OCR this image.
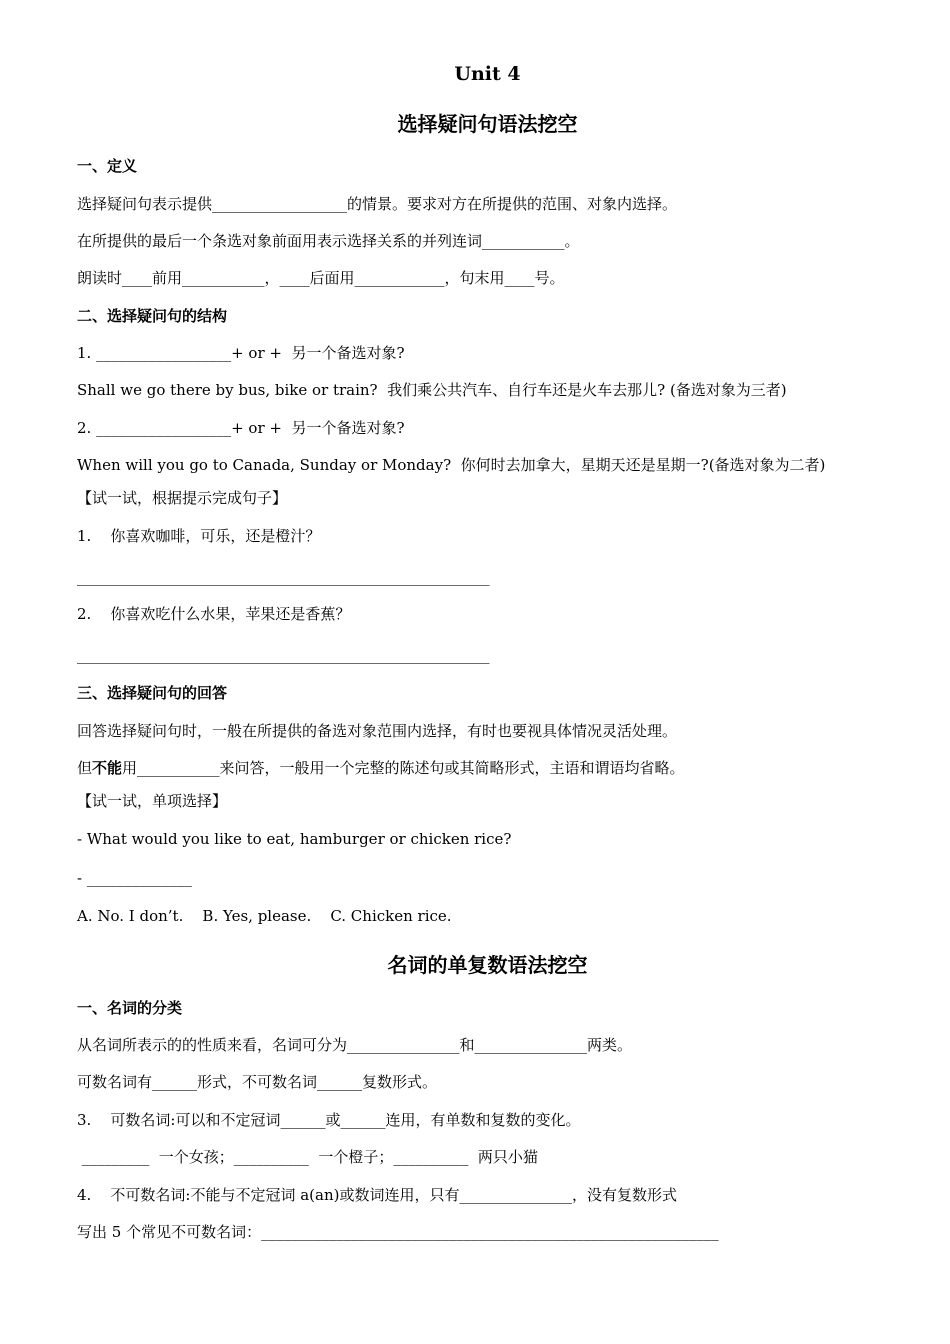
Unit 4
选择疑问句语法挖空
一、定义
选择疑问句表示提供__________________的情景。要求对方在所提供的范围、对象内选择。
在所提供的最后一个条选对象前面用表示选择关系的并列连词___________。
朗读时____前用___________，____后面用____________，句末用____号。
二、选择疑问句的结构
1. __________________+ or +  另一个备选对象?
Shall we go there by bus, bike or train?  我们乘公共汽车、自行车还是火车去那儿? (备选对象为三者)
2. __________________+ or +  另一个备选对象?
When will you go to Canada, Sunday or Monday?  你何时去加拿大，星期天还是星期一?(备选对象为二者)
【试一试，根据提示完成句子】
1.    你喜欢咖啡，可乐，还是橙汁？
_______________________________________________________
2.    你喜欢吃什么水果，苹果还是香蕉？
_______________________________________________________
三、选择疑问句的回答
回答选择疑问句时，一般在所提供的备选对象范围内选择，有时也要视具体情况灵活处理。
但不能用___________来问答，一般用一个完整的陈述句或其简略形式，主语和谓语均省略。
【试一试，单项选择】
- What would you like to eat, hamburger or chicken rice?
- ______________
A. No. I don’t.    B. Yes, please.    C. Chicken rice.
名词的单复数语法挖空
一、名词的分类
从名词所表示的的性质来看，名词可分为_______________和_______________两类。
可数名词有______形式，不可数名词______复数形式。
3.    可数名词:可以和不定冠词______或______连用，有单数和复数的变化。
_________  一个女孩；__________  一个橙子；__________  两只小猫
4.    不可数名词:不能与不定冠词 a(an)或数词连用，只有_______________，没有复数形式
写出 5 个常见不可数名词：_____________________________________________________________
